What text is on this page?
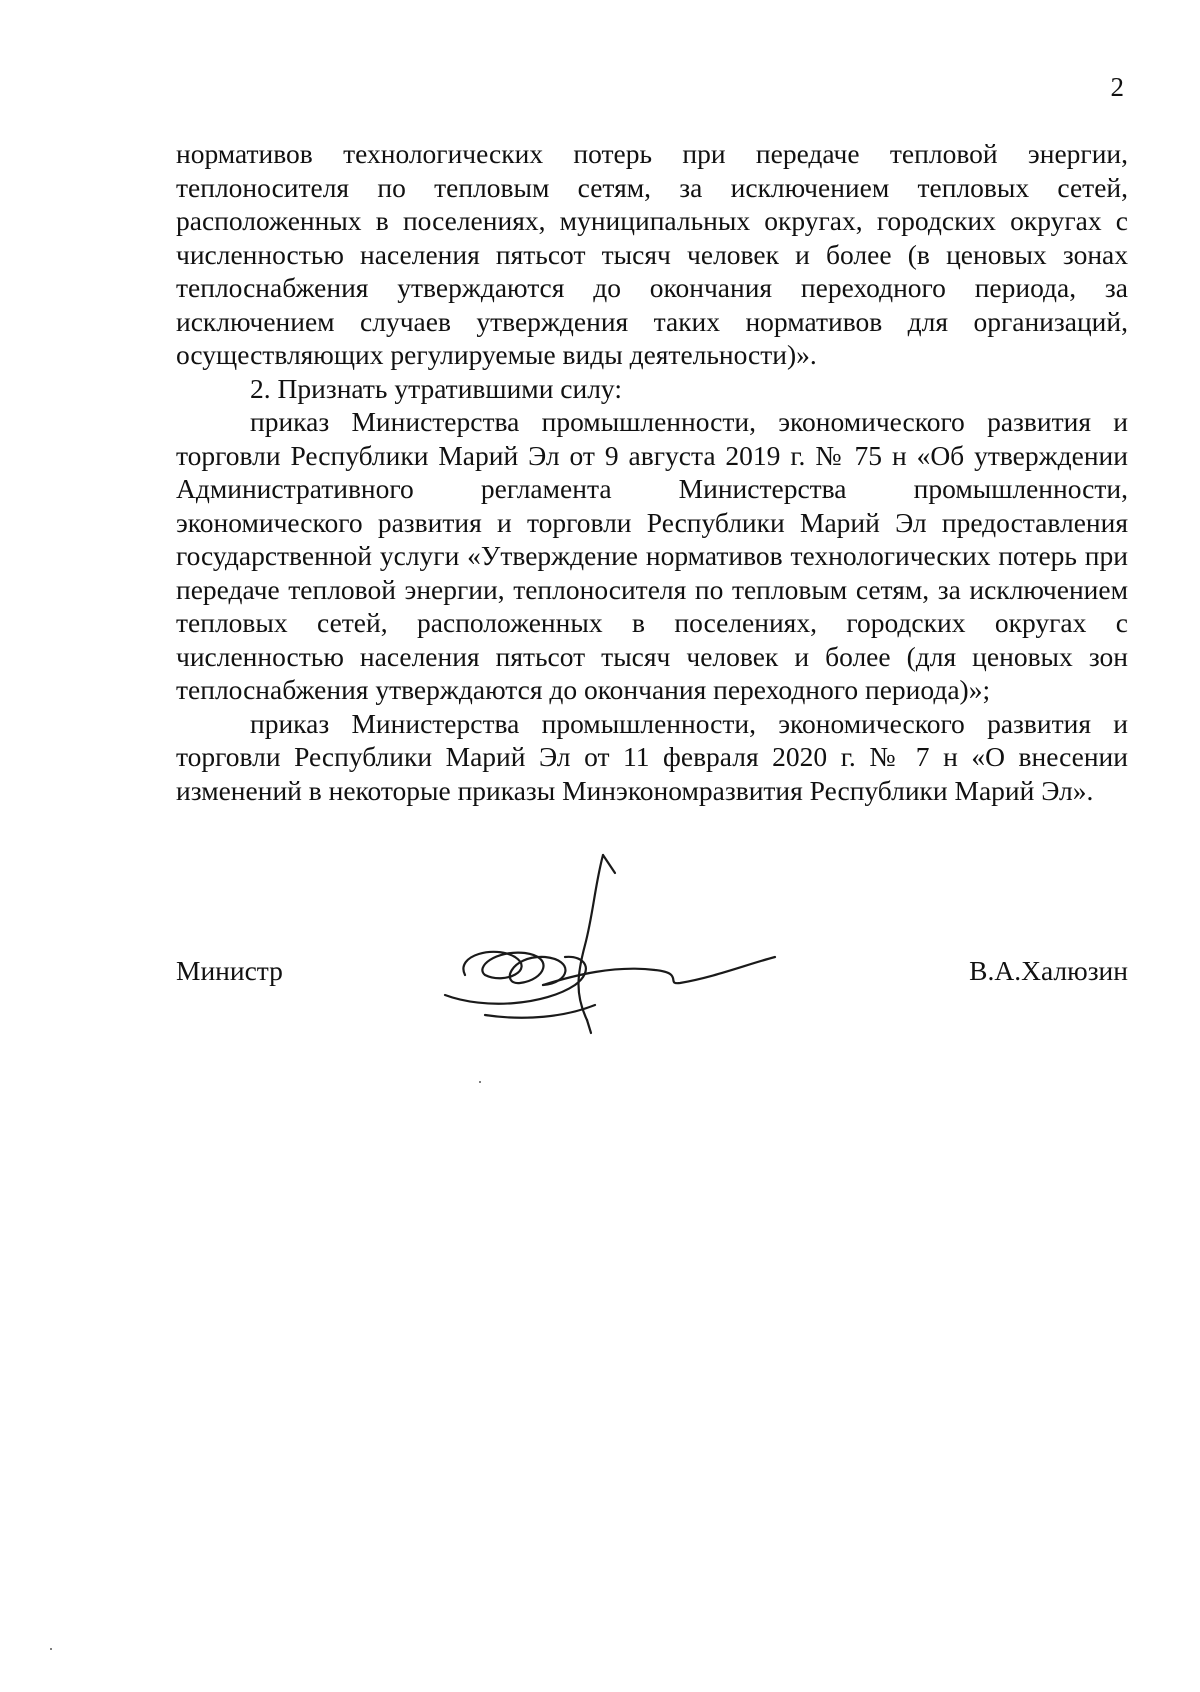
2

нормативов технологических потерь при передаче тепловой энергии, теплоносителя по тепловым сетям, за исключением тепловых сетей, расположенных в поселениях, муниципальных округах, городских округах с численностью населения пятьсот тысяч человек и более (в ценовых зонах теплоснабжения утверждаются до окончания переходного периода, за исключением случаев утверждения таких нормативов для организаций, осуществляющих регулируемые виды деятельности)».

2. Признать утратившими силу:

приказ Министерства промышленности, экономического развития и торговли Республики Марий Эл от 9 августа 2019 г. № 75 н «Об утверждении Административного регламента Министерства промышленности, экономического развития и торговли Республики Марий Эл предоставления государственной услуги «Утверждение нормативов технологических потерь при передаче тепловой энергии, теплоносителя по тепловым сетям, за исключением тепловых сетей, расположенных в поселениях, городских округах с численностью населения пятьсот тысяч человек и более (для ценовых зон теплоснабжения утверждаются до окончания переходного периода)»;

приказ Министерства промышленности, экономического развития и торговли Республики Марий Эл от 11 февраля 2020 г. № 7 н «О внесении изменений в некоторые приказы Минэкономразвития Республики Марий Эл».

Министр	В.А.Халюзин
